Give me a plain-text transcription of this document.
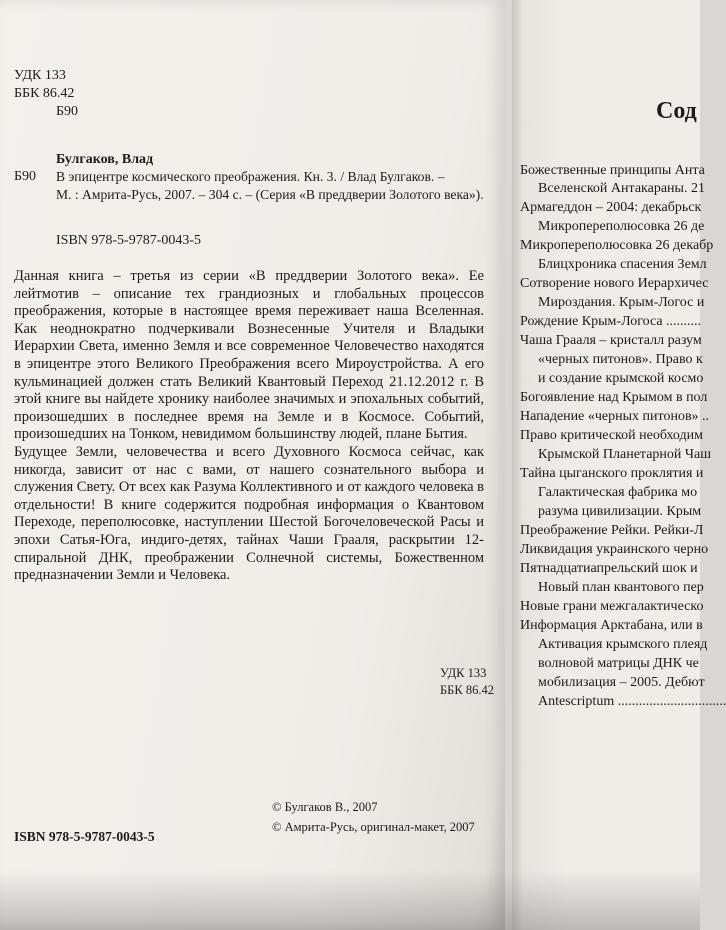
УДК 133
ББК 86.42
Б90
Булгаков, Влад
Б90 В эпицентре космического преображения. Кн. 3. / Влад Булгаков. –
М. : Амрита-Русь, 2007. – 304 с. – (Серия «В преддверии Золотого века»).
ISBN 978-5-9787-0043-5

Данная книга – третья из серии «В преддверии Золотого века». Ее лейтмотив – описание тех грандиозных и глобальных процессов преображения, которые в настоящее время переживает наша Вселенная. Как неоднократно подчеркивали Вознесенные Учителя и Владыки Иерархии Света, именно Земля и все современное Человечество находятся в эпицентре этого Великого Преображения всего Мироустройства. А его кульминацией должен стать Великий Квантовый Переход 21.12.2012 г. В этой книге вы найдете хронику наиболее значимых и эпохальных событий, произошедших в последнее время на Земле и в Космосе. Событий, произошедших на Тонком, невидимом большинству людей, плане Бытия.

Будущее Земли, человечества и всего Духовного Космоса сейчас, как никогда, зависит от нас с вами, от нашего сознательного выбора и служения Свету. От всех как Разума Коллективного и от каждого человека в отдельности! В книге содержится подробная информация о Квантовом Переходе, переполюсовке, наступлении Шестой Богочеловеческой Расы и эпохи Сатья-Юга, индиго-детях, тайнах Чаши Грааля, раскрытии 12-спиральной ДНК, преображении Солнечной системы, Божественном предназначении Земли и Человека.

УДК 133
ББК 86.42
© Булгаков В., 2007
© Амрита-Русь, оригинал-макет, 2007
ISBN 978-5-9787-0043-5
Сод
Божественные принципы Анта
Вселенской Антакараны. 21
Армагеддон – 2004: декабрьск
Микропереполюсовка 26 де
Микропереполюсовка 26 декабр
Блицхроника спасения Земл
Сотворение нового Иерархичес
Мироздания. Крым-Логос и
Рождение Крым-Логоса ..........
Чаша Грааля – кристалл разум
«черных питонов». Право к
и создание крымской космо
Богоявление над Крымом в пол
Нападение «черных питонов» ..
Право критической необходим
Крымской Планетарной Чаш
Тайна цыганского проклятия и
Галактическая фабрика мо
разума цивилизации. Крым
Преображение Рейки. Рейки-Л
Ликвидация украинского черно
Пятнадцатиапрельский шок и
Новый план квантового пер
Новые грани межгалактическо
Информация Арктабана, или в
Активация крымского плеяд
волновой матрицы ДНК че
мобилизация – 2005. Дебют
Antescriptum ...............................
